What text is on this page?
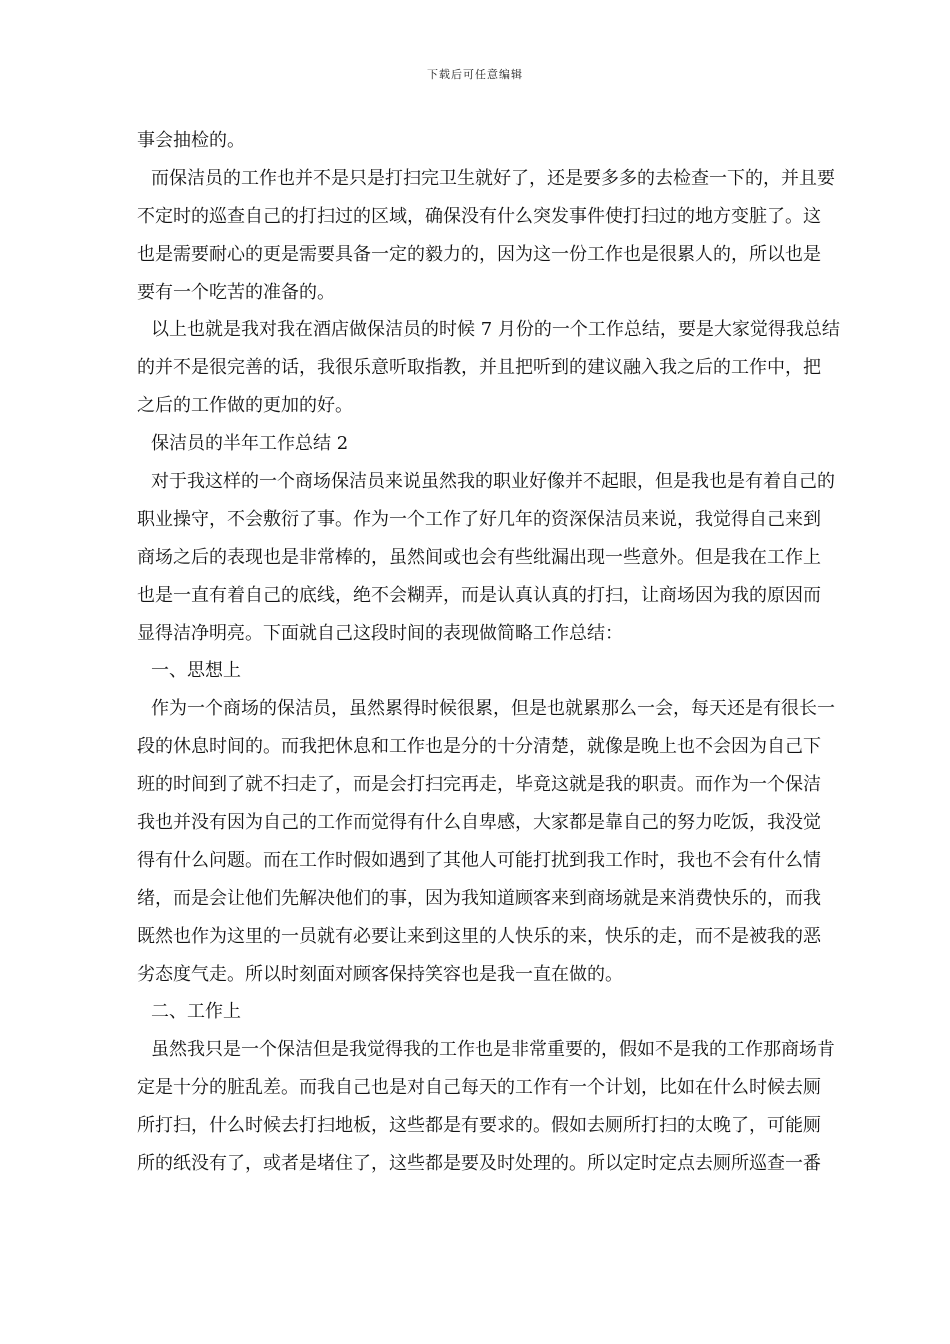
下载后可任意编辑
事会抽检的。
而保洁员的工作也并不是只是打扫完卫生就好了，还是要多多的去检查一下的，并且要
不定时的巡查自己的打扫过的区域，确保没有什么突发事件使打扫过的地方变脏了。这
也是需要耐心的更是需要具备一定的毅力的，因为这一份工作也是很累人的，所以也是
要有一个吃苦的准备的。
以上也就是我对我在酒店做保洁员的时候 7 月份的一个工作总结，要是大家觉得我总结
的并不是很完善的话，我很乐意听取指教，并且把听到的建议融入我之后的工作中，把
之后的工作做的更加的好。
保洁员的半年工作总结 2
对于我这样的一个商场保洁员来说虽然我的职业好像并不起眼，但是我也是有着自己的
职业操守，不会敷衍了事。作为一个工作了好几年的资深保洁员来说，我觉得自己来到
商场之后的表现也是非常棒的，虽然间或也会有些纰漏出现一些意外。但是我在工作上
也是一直有着自己的底线，绝不会糊弄，而是认真认真的打扫，让商场因为我的原因而
显得洁净明亮。下面就自己这段时间的表现做简略工作总结：
一、思想上
作为一个商场的保洁员，虽然累得时候很累，但是也就累那么一会，每天还是有很长一
段的休息时间的。而我把休息和工作也是分的十分清楚，就像是晚上也不会因为自己下
班的时间到了就不扫走了，而是会打扫完再走，毕竟这就是我的职责。而作为一个保洁
我也并没有因为自己的工作而觉得有什么自卑感，大家都是靠自己的努力吃饭，我没觉
得有什么问题。而在工作时假如遇到了其他人可能打扰到我工作时，我也不会有什么情
绪，而是会让他们先解决他们的事，因为我知道顾客来到商场就是来消费快乐的，而我
既然也作为这里的一员就有必要让来到这里的人快乐的来，快乐的走，而不是被我的恶
劣态度气走。所以时刻面对顾客保持笑容也是我一直在做的。
二、工作上
虽然我只是一个保洁但是我觉得我的工作也是非常重要的，假如不是我的工作那商场肯
定是十分的脏乱差。而我自己也是对自己每天的工作有一个计划，比如在什么时候去厕
所打扫，什么时候去打扫地板，这些都是有要求的。假如去厕所打扫的太晚了，可能厕
所的纸没有了，或者是堵住了，这些都是要及时处理的。所以定时定点去厕所巡查一番
